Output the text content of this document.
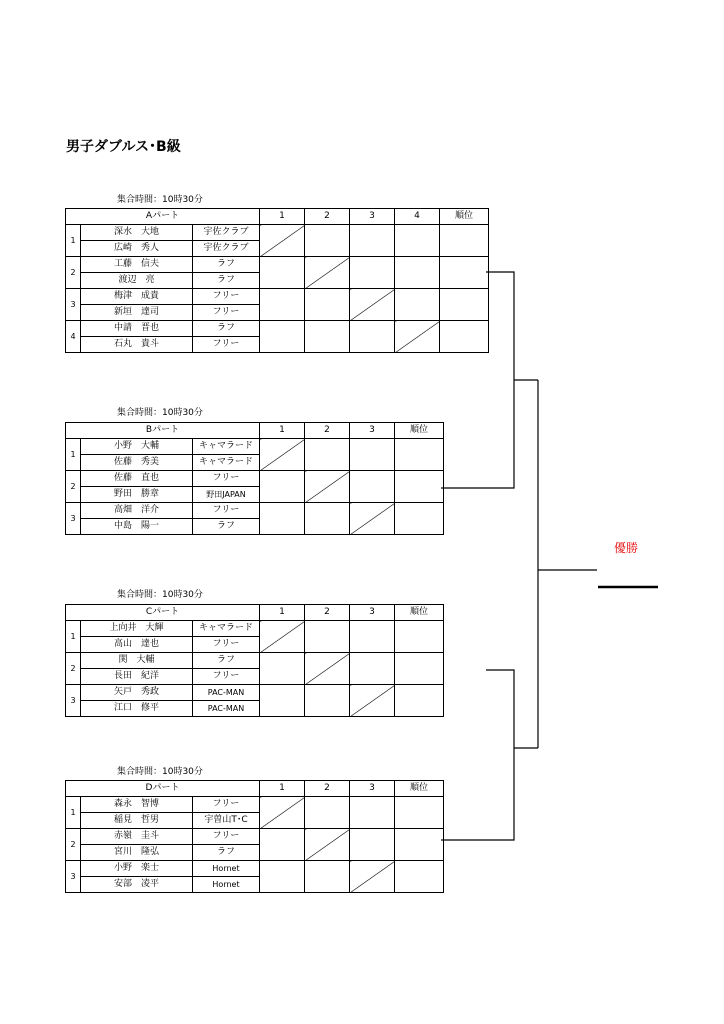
男子ダブルス･B級
集合時間：10時30分
Aパート			1	2	3	4	順位
1	深水　大地	宇佐クラブ					
	広崎　秀人	宇佐クラブ					
2	工藤　信夫	ラフ					
	渡辺　亮	ラフ					
3	梅津　成貴	フリー					
	新垣　達司	フリー					
4	中請　晋也	ラフ					
	石丸　貴斗	フリー					
集合時間：10時30分
Bパート			1	2	3	順位
1	小野　大輔	キャマラード				
	佐藤　秀美	キャマラード				
2	佐藤　直也	フリー				
	野田　勝章	野田JAPAN				
3	高畑　洋介	フリー				
	中島　陽一	ラフ				
集合時間：10時30分
Cパート			1	2	3	順位
1	上向井　大輝	キャマラード				
	高山　達也	フリー				
2	関　大輔	ラフ				
	長田　紀洋	フリー				
3	矢戸　秀政	PAC-MAN				
	江口　修平	PAC-MAN				
集合時間：10時30分
Dパート			1	2	3	順位
1	森永　智博	フリー				
	稲見　哲男	宇曽山T･C				
2	赤嶺　圭斗	フリー				
	宮川　隆弘	ラフ				
3	小野　楽士	Hornet				
	安部　凌平	Hornet				
優勝
